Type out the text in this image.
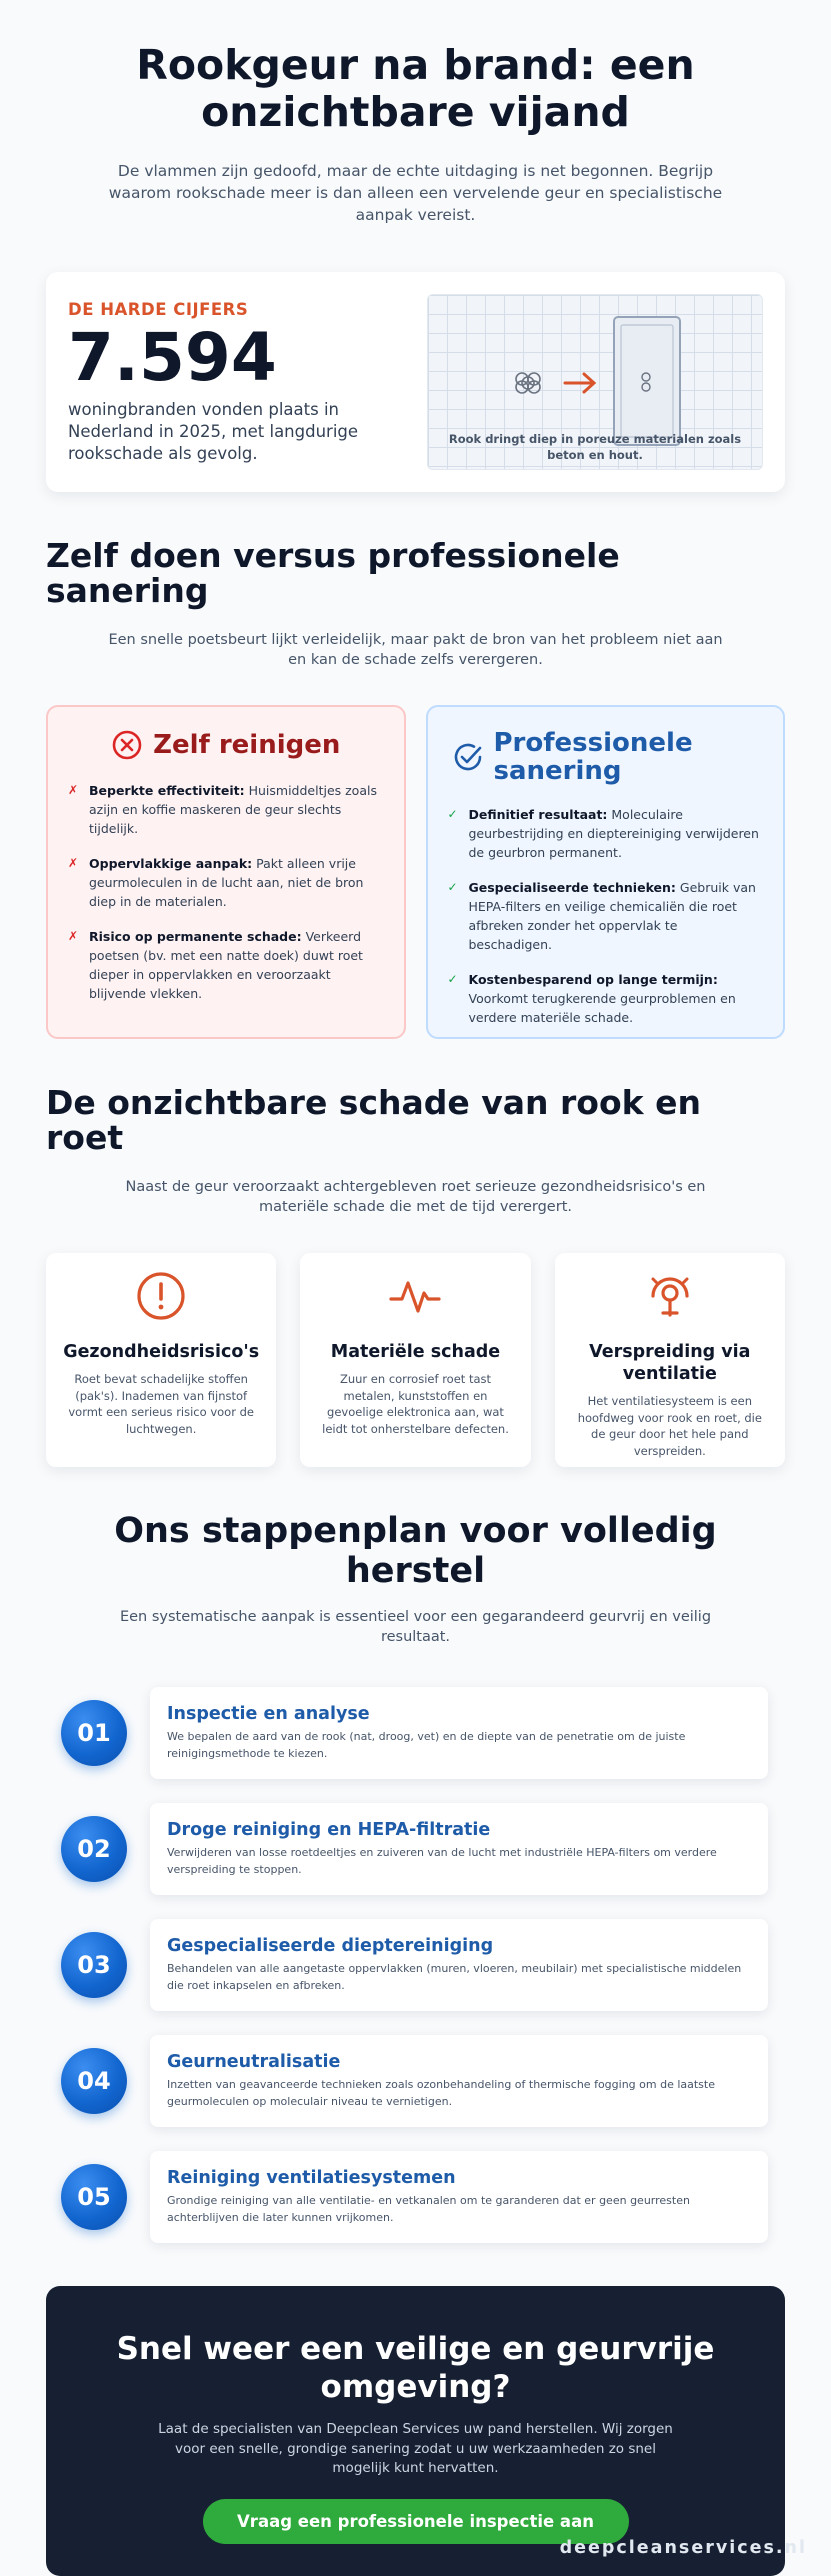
Rookgeur na brand: een onzichtbare vijand

De vlammen zijn gedoofd, maar de echte uitdaging is net begonnen. Begrijp waarom rookschade meer is dan alleen een vervelende geur en specialistische aanpak vereist.

DE HARDE CIJFERS
7.594
woningbranden vonden plaats in Nederland in 2025, met langdurige rookschade als gevolg.
Rook dringt diep in poreuze materialen zoals beton en hout.
Zelf doen versus professionele sanering

Een snelle poetsbeurt lijkt verleidelijk, maar pakt de bron van het probleem niet aan en kan de schade zelfs verergeren.

Zelf reinigen
✗ Beperkte effectiviteit: Huismiddeltjes zoals azijn en koffie maskeren de geur slechts tijdelijk.
✗ Oppervlakkige aanpak: Pakt alleen vrije geurmoleculen in de lucht aan, niet de bron diep in de materialen.
✗ Risico op permanente schade: Verkeerd poetsen (bv. met een natte doek) duwt roet dieper in oppervlakken en veroorzaakt blijvende vlekken.
Professionele sanering
✓ Definitief resultaat: Moleculaire geurbestrijding en dieptereiniging verwijderen de geurbron permanent.
✓ Gespecialiseerde technieken: Gebruik van HEPA-filters en veilige chemicaliën die roet afbreken zonder het oppervlak te beschadigen.
✓ Kostenbesparend op lange termijn: Voorkomt terugkerende geurproblemen en verdere materiële schade.
De onzichtbare schade van rook en roet

Naast de geur veroorzaakt achtergebleven roet serieuze gezondheidsrisico's en materiële schade die met de tijd verergert.

Gezondheidsrisico's

Roet bevat schadelijke stoffen (pak's). Inademen van fijnstof vormt een serieus risico voor de luchtwegen.

Materiële schade

Zuur en corrosief roet tast metalen, kunststoffen en gevoelige elektronica aan, wat leidt tot onherstelbare defecten.

Verspreiding via ventilatie

Het ventilatiesysteem is een hoofdweg voor rook en roet, die de geur door het hele pand verspreiden.

Ons stappenplan voor volledig herstel

Een systematische aanpak is essentieel voor een gegarandeerd geurvrij en veilig resultaat.

01
Inspectie en analyse

We bepalen de aard van de rook (nat, droog, vet) en de diepte van de penetratie om de juiste reinigingsmethode te kiezen.

02
Droge reiniging en HEPA-filtratie

Verwijderen van losse roetdeeltjes en zuiveren van de lucht met industriële HEPA-filters om verdere verspreiding te stoppen.

03
Gespecialiseerde dieptereiniging

Behandelen van alle aangetaste oppervlakken (muren, vloeren, meubilair) met specialistische middelen die roet inkapselen en afbreken.

04
Geurneutralisatie

Inzetten van geavanceerde technieken zoals ozonbehandeling of thermische fogging om de laatste geurmoleculen op moleculair niveau te vernietigen.

05
Reiniging ventilatiesystemen

Grondige reiniging van alle ventilatie- en vetkanalen om te garanderen dat er geen geurresten achterblijven die later kunnen vrijkomen.

Snel weer een veilige en geurvrije omgeving?

Laat de specialisten van Deepclean Services uw pand herstellen. Wij zorgen voor een snelle, grondige sanering zodat u uw werkzaamheden zo snel mogelijk kunt hervatten.

Vraag een professionele inspectie aan
deepcleanservices.nl
